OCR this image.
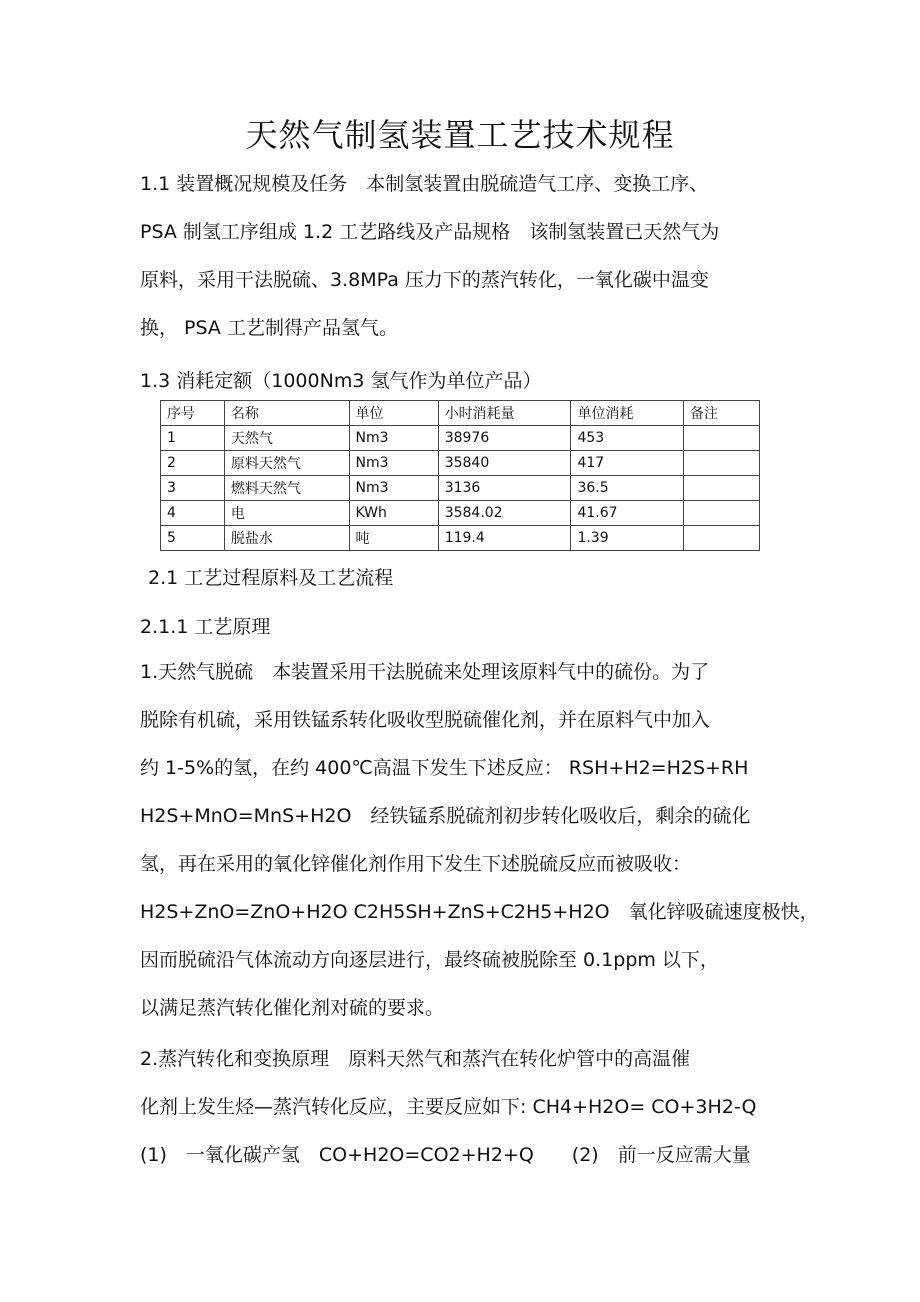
天然气制氢装置工艺技术规程
1.1 装置概况规模及任务　本制氢装置由脱硫造气工序、变换工序、
PSA 制氢工序组成 1.2 工艺路线及产品规格　该制氢装置已天然气为
原料，采用干法脱硫、3.8MPa 压力下的蒸汽转化，一氧化碳中温变
换， PSA 工艺制得产品氢气。

1.3 消耗定额（1000Nm3 氢气作为单位产品）

序号	名称	单位	小时消耗量	单位消耗	备注
1	天然气	Nm3	38976	453	
2	原料天然气	Nm3	35840	417	
3	燃料天然气	Nm3	3136	36.5	
4	电	KWh	3584.02	41.67	
5	脱盐水	吨	119.4	1.39	

2.1 工艺过程原料及工艺流程

2.1.1 工艺原理

1.天然气脱硫　本装置采用干法脱硫来处理该原料气中的硫份。为了
脱除有机硫，采用铁锰系转化吸收型脱硫催化剂，并在原料气中加入
约 1-5%的氢，在约 400℃高温下发生下述反应： RSH+H2=H2S+RH
H2S+MnO=MnS+H2O　经铁锰系脱硫剂初步转化吸收后，剩余的硫化
氢，再在采用的氧化锌催化剂作用下发生下述脱硫反应而被吸收：
H2S+ZnO=ZnO+H2O C2H5SH+ZnS+C2H5+H2O　氧化锌吸硫速度极快，
因而脱硫沿气体流动方向逐层进行，最终硫被脱除至 0.1ppm 以下，
以满足蒸汽转化催化剂对硫的要求。
2.蒸汽转化和变换原理　原料天然气和蒸汽在转化炉管中的高温催
化剂上发生烃—蒸汽转化反应，主要反应如下: CH4+H2O= CO+3H2-Q
(1)　一氧化碳产氢　CO+H2O=CO2+H2+Q　　(2)　前一反应需大量
